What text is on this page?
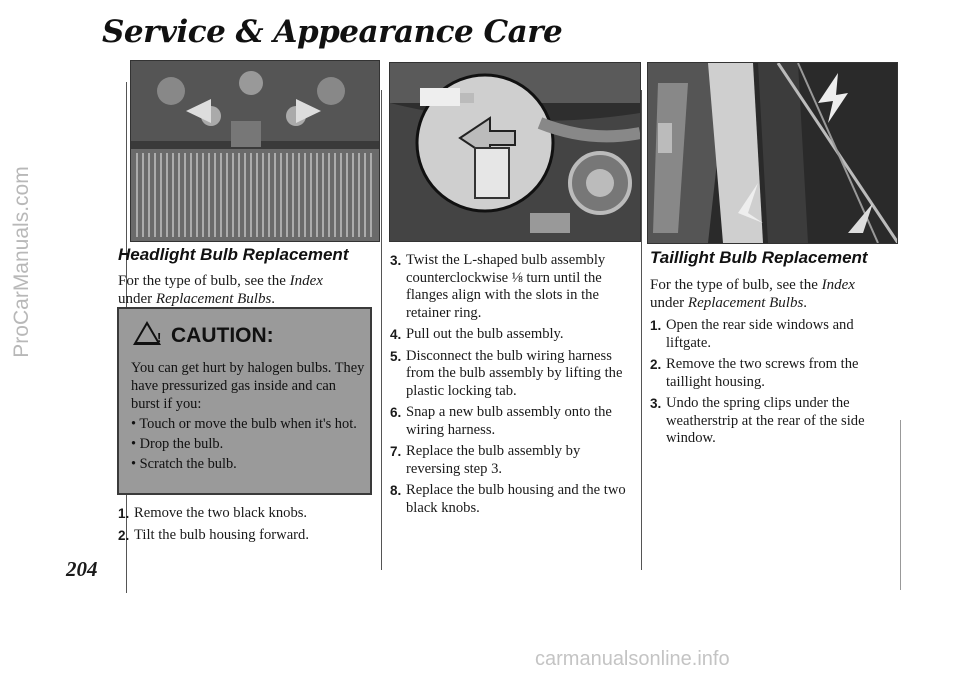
Service & Appearance Care
ProCarManuals.com
carmanualsonline.info
204
Headlight Bulb Replacement
For the type of bulb, see the Index
under Replacement Bulbs.
! CAUTION:
You can get hurt by halogen bulbs. They have pressurized gas inside and can burst if you:
• Touch or move the bulb when it's hot.
• Drop the bulb.
• Scratch the bulb.
1. Remove the two black knobs.
2. Tilt the bulb housing forward.
3. Twist the L-shaped bulb assembly counterclockwise ⅛ turn until the flanges align with the slots in the retainer ring.
4. Pull out the bulb assembly.
5. Disconnect the bulb wiring harness from the bulb assembly by lifting the plastic locking tab.
6. Snap a new bulb assembly onto the wiring harness.
7. Replace the bulb assembly by reversing step 3.
8. Replace the bulb housing and the two black knobs.
Taillight Bulb Replacement
For the type of bulb, see the Index
under Replacement Bulbs.
1. Open the rear side windows and liftgate.
2. Remove the two screws from the taillight housing.
3. Undo the spring clips under the weatherstrip at the rear of the side window.
